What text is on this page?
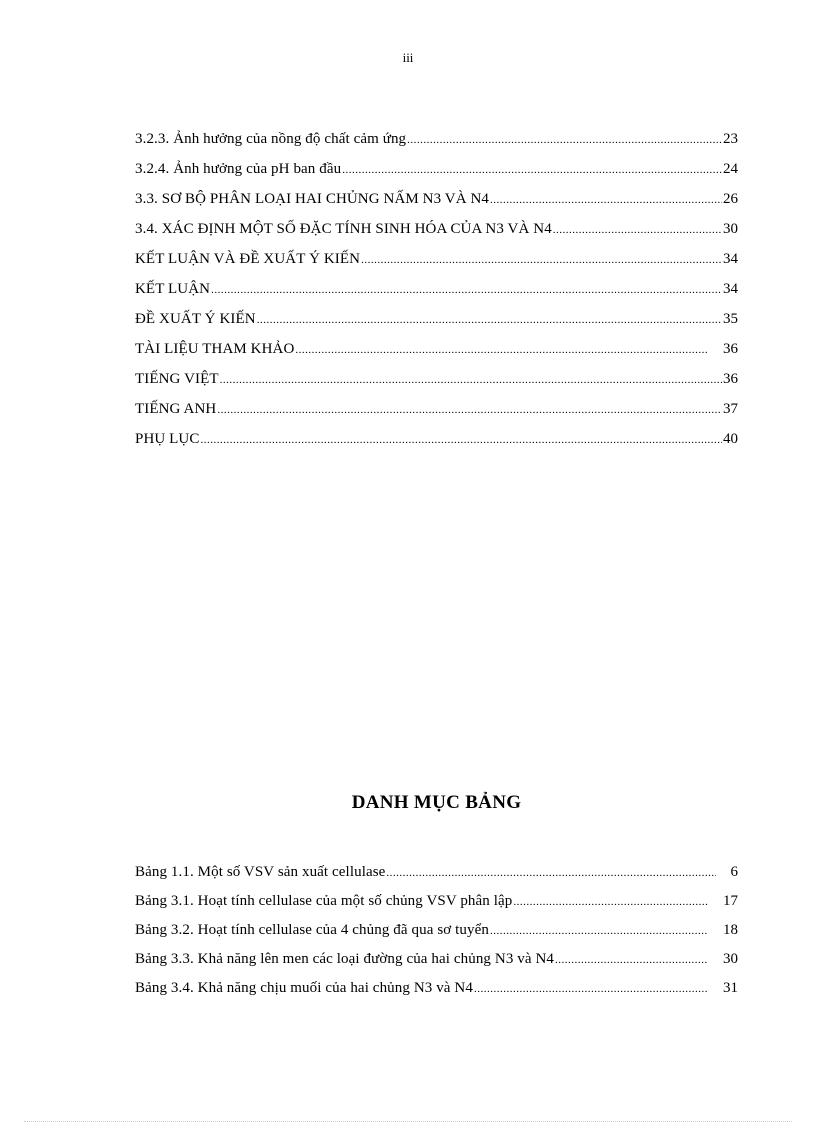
iii
3.2.3. Ảnh hưởng của nồng độ chất cảm ứng .....	23
3.2.4. Ảnh hưởng của pH ban đầu .....	24
3.3. SƠ BỘ PHÂN LOẠI HAI CHỦNG NẤM N3 VÀ N4 .....	26
3.4. XÁC ĐỊNH MỘT SỐ ĐẶC TÍNH SINH HÓA CỦA N3 VÀ N4 .....	30
KẾT LUẬN VÀ ĐỀ XUẤT Ý KIẾN .....	34
KẾT LUẬN .....	34
ĐỀ XUẤT Ý KIẾN .....	35
TÀI LIỆU THAM KHẢO .....	36
TIẾNG VIỆT .....	36
TIẾNG ANH .....	37
PHỤ LỤC .....	40
DANH MỤC BẢNG
Bảng 1.1. Một số VSV sản xuất cellulase .....	6
Bảng 3.1. Hoạt tính cellulase của một số chủng VSV phân lập .....	17
Bảng 3.2. Hoạt tính cellulase của 4 chủng đã qua sơ tuyển .....	18
Bảng 3.3. Khả năng lên men các loại đường của hai chủng N3 và N4 .....	30
Bảng 3.4. Khả năng chịu muối của hai chủng N3 và N4 .....	31
